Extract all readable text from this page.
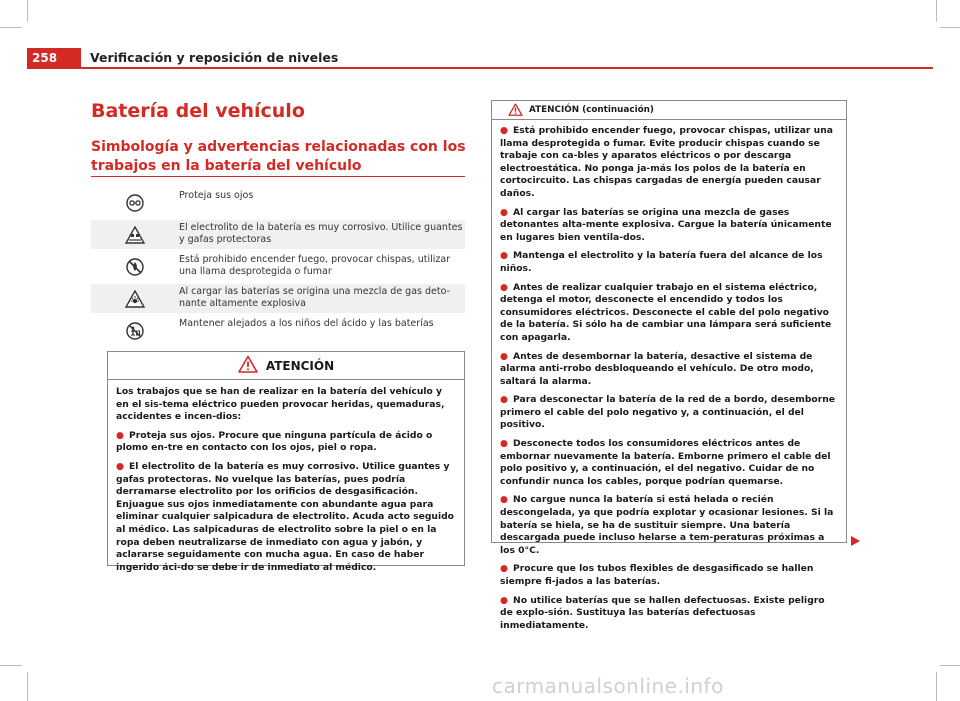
258	Verificación y reposición de niveles
Batería del vehículo
Simbología y advertencias relacionadas con los trabajos en la batería del vehículo
Proteja sus ojos
El electrolito de la batería es muy corrosivo. Utilice guantes y gafas protectoras
Está prohibido encender fuego, provocar chispas, utilizar una llama desprotegida o fumar
Al cargar las baterías se origina una mezcla de gas deto-nante altamente explosiva
Mantener alejados a los niños del ácido y las baterías
ATENCIÓN

Los trabajos que se han de realizar en la batería del vehículo y en el sis-tema eléctrico pueden provocar heridas, quemaduras, accidentes e incen-dios:

● Proteja sus ojos. Procure que ninguna partícula de ácido o plomo en-tre en contacto con los ojos, piel o ropa.

● El electrolito de la batería es muy corrosivo. Utilice guantes y gafas protectoras. No vuelque las baterías, pues podría derramarse electrolito por los orificios de desgasificación. Enjuague sus ojos inmediatamente con abundante agua para eliminar cualquier salpicadura de electrolito. Acuda acto seguido al médico. Las salpicaduras de electrolito sobre la piel o en la ropa deben neutralizarse de inmediato con agua y jabón, y aclararse seguidamente con mucha agua. En caso de haber ingerido áci-do se debe ir de inmediato al médico.

ATENCIÓN (continuación)

● Está prohibido encender fuego, provocar chispas, utilizar una llama desprotegida o fumar. Evite producir chispas cuando se trabaje con ca-bles y aparatos eléctricos o por descarga electroestática. No ponga ja-más los polos de la batería en cortocircuito. Las chispas cargadas de energía pueden causar daños.

● Al cargar las baterías se origina una mezcla de gases detonantes alta-mente explosiva. Cargue la batería únicamente en lugares bien ventila-dos.

● Mantenga el electrolito y la batería fuera del alcance de los niños.

● Antes de realizar cualquier trabajo en el sistema eléctrico, detenga el motor, desconecte el encendido y todos los consumidores eléctricos. Desconecte el cable del polo negativo de la batería. Si sólo ha de cambiar una lámpara será suficiente con apagarla.

● Antes de desembornar la batería, desactive el sistema de alarma anti-rrobo desbloqueando el vehículo. De otro modo, saltará la alarma.

● Para desconectar la batería de la red de a bordo, desemborne primero el cable del polo negativo y, a continuación, el del positivo.

● Desconecte todos los consumidores eléctricos antes de embornar nuevamente la batería. Emborne primero el cable del polo positivo y, a continuación, el del negativo. Cuidar de no confundir nunca los cables, porque podrían quemarse.

● No cargue nunca la batería si está helada o recién descongelada, ya que podría explotar y ocasionar lesiones. Si la batería se hiela, se ha de sustituir siempre. Una batería descargada puede incluso helarse a tem-peraturas próximas a los 0°C.

● Procure que los tubos flexibles de desgasificado se hallen siempre fi-jados a las baterías.

● No utilice baterías que se hallen defectuosas. Existe peligro de explo-sión. Sustituya las baterías defectuosas inmediatamente.

carmanualsonline.info
